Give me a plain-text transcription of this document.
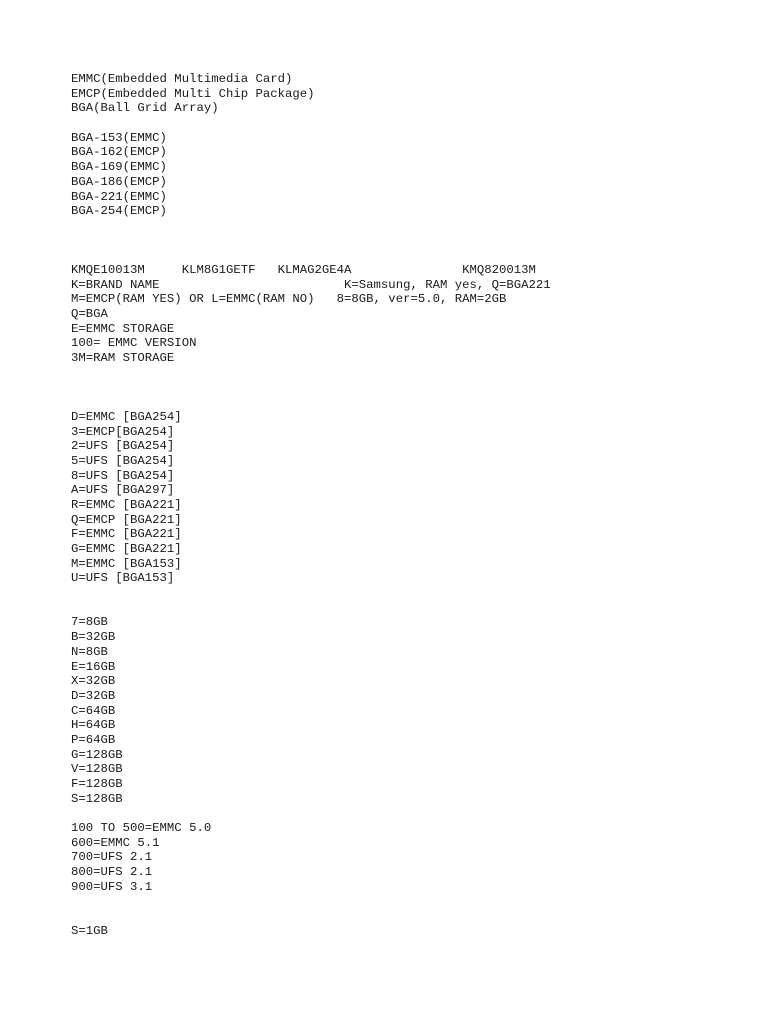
EMMC(Embedded Multimedia Card)
EMCP(Embedded Multi Chip Package)
BGA(Ball Grid Array)
BGA-153(EMMC)
BGA-162(EMCP)
BGA-169(EMMC)
BGA-186(EMCP)
BGA-221(EMMC)
BGA-254(EMCP)
KMQE10013M     KLM8G1GETF   KLMAG2GE4A               KMQ820013M
K=BRAND NAME                         K=Samsung, RAM yes, Q=BGA221
M=EMCP(RAM YES) OR L=EMMC(RAM NO)   8=8GB, ver=5.0, RAM=2GB
Q=BGA
E=EMMC STORAGE
100= EMMC VERSION
3M=RAM STORAGE
D=EMMC [BGA254]
3=EMCP[BGA254]
2=UFS [BGA254]
5=UFS [BGA254]
8=UFS [BGA254]
A=UFS [BGA297]
R=EMMC [BGA221]
Q=EMCP [BGA221]
F=EMMC [BGA221]
G=EMMC [BGA221]
M=EMMC [BGA153]
U=UFS [BGA153]
7=8GB
B=32GB
N=8GB
E=16GB
X=32GB
D=32GB
C=64GB
H=64GB
P=64GB
G=128GB
V=128GB
F=128GB
S=128GB
100 TO 500=EMMC 5.0
600=EMMC 5.1
700=UFS 2.1
800=UFS 2.1
900=UFS 3.1
S=1GB
